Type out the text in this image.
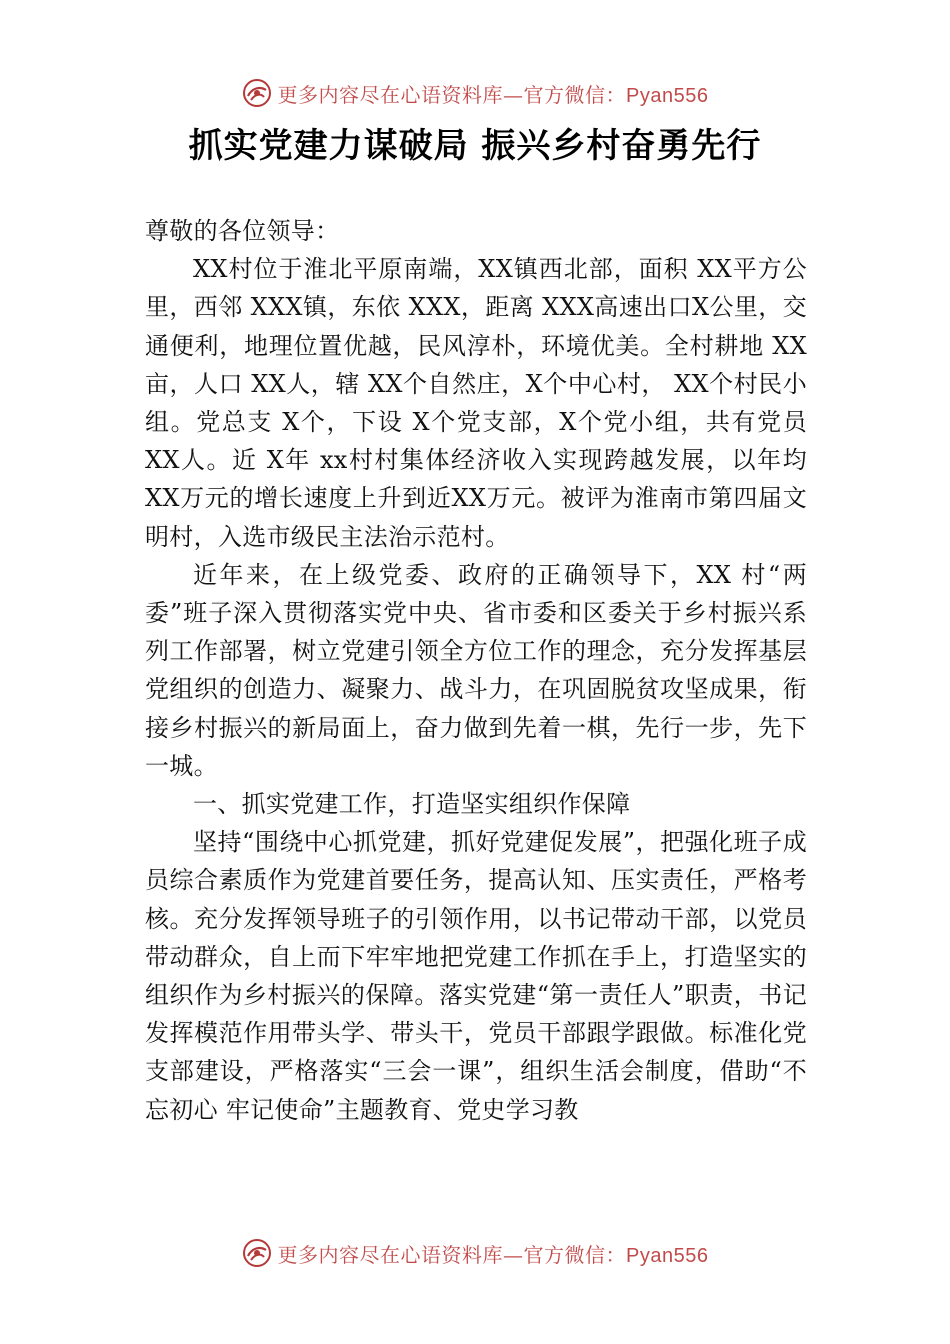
更多内容尽在心语资料库—官方微信：Pyan556
抓实党建力谋破局 振兴乡村奋勇先行

尊敬的各位领导：

XX村位于淮北平原南端，XX镇西北部，面积 XX平方公里，西邻 XXX镇，东依 XXX，距离 XXX高速出口X公里，交通便利，地理位置优越，民风淳朴，环境优美。全村耕地 XX亩，人口 XX人，辖 XX个自然庄，X个中心村， XX个村民小组。党总支 X个，下设 X个党支部，X个党小组，共有党员 XX人。近 X年 xx村村集体经济收入实现跨越发展，以年均 XX万元的增长速度上升到近XX万元。被评为淮南市第四届文明村，入选市级民主法治示范村。

近年来，在上级党委、政府的正确领导下，XX 村“两委”班子深入贯彻落实党中央、省市委和区委关于乡村振兴系列工作部署，树立党建引领全方位工作的理念，充分发挥基层党组织的创造力、凝聚力、战斗力，在巩固脱贫攻坚成果，衔接乡村振兴的新局面上，奋力做到先着一棋，先行一步，先下一城。

一、抓实党建工作，打造坚实组织作保障

坚持“围绕中心抓党建，抓好党建促发展”，把强化班子成员综合素质作为党建首要任务，提高认知、压实责任，严格考核。充分发挥领导班子的引领作用，以书记带动干部，以党员带动群众，自上而下牢牢地把党建工作抓在手上，打造坚实的组织作为乡村振兴的保障。落实党建“第一责任人”职责，书记发挥模范作用带头学、带头干，党员干部跟学跟做。标准化党支部建设，严格落实“三会一课”，组织生活会制度，借助“不忘初心 牢记使命”主题教育、党史学习教

更多内容尽在心语资料库—官方微信：Pyan556
